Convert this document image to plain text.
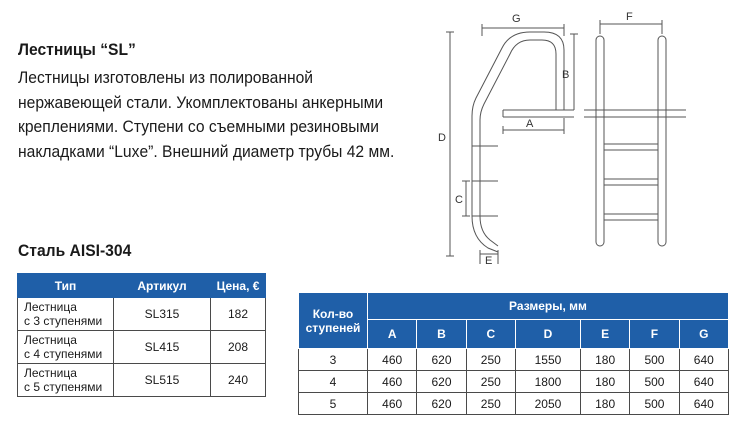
Лестницы “SL”
Лестницы изготовлены из полированной
нержавеющей стали. Укомплектованы анкерными
креплениями. Ступени со съемными резиновыми
накладками “Luxe”. Внешний диаметр трубы 42 мм.
Сталь AISI-304
G	F
B
A
D
C
E
Тип	Артикул	Цена, €
Лестница
с 3 ступенями	SL315	182
Лестница
с 4 ступенями	SL415	208
Лестница
с 5 ступенями	SL515	240
Кол-во
ступеней	Размеры, мм						
	A	B	C	D	E	F	G
3	460	620	250	1550	180	500	640
4	460	620	250	1800	180	500	640
5	460	620	250	2050	180	500	640
